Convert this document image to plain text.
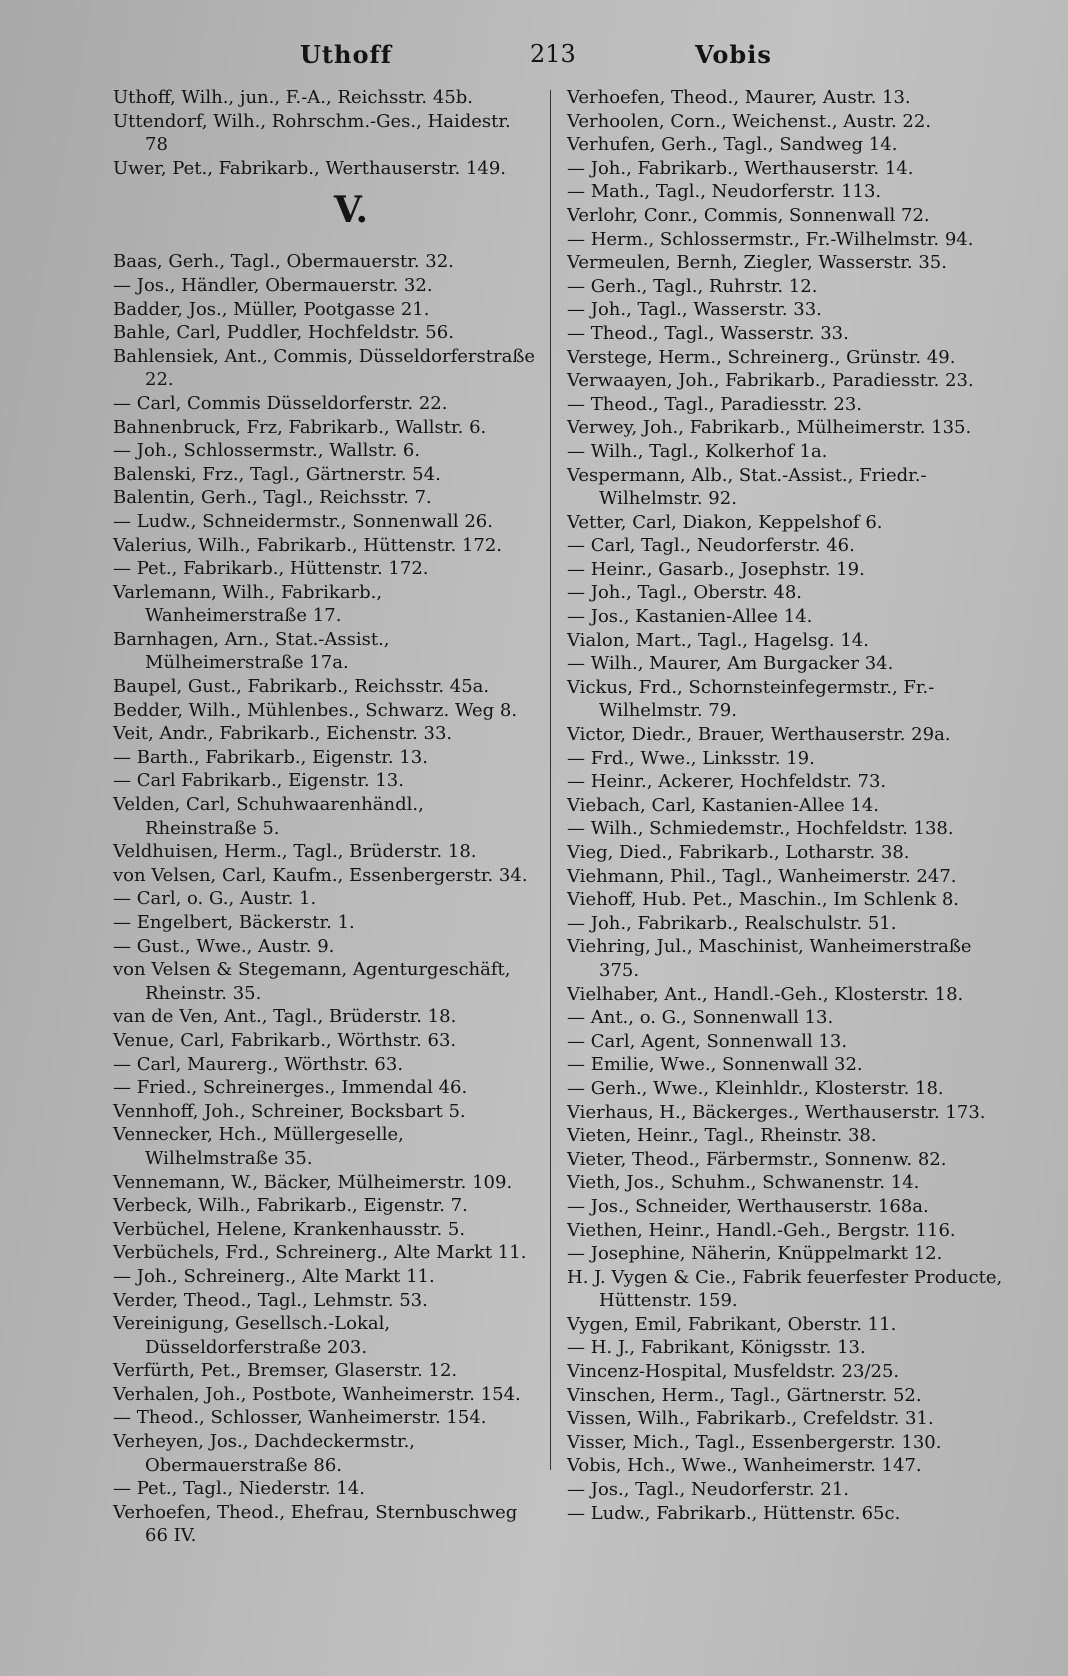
Uthoff	213	Vobis

Uthoff, Wilh., jun., F.-A., Reichsstr. 45b.

Uttendorf, Wilh., Rohrschm.-Ges., Haidestr. 78

Uwer, Pet., Fabrikarb., Werthauserstr. 149.

V.

Baas, Gerh., Tagl., Obermauerstr. 32.

— Jos., Händler, Obermauerstr. 32.

Badder, Jos., Müller, Pootgasse 21.

Bahle, Carl, Puddler, Hochfeldstr. 56.

Bahlensiek, Ant., Commis, Düsseldorferstraße 22.

— Carl, Commis Düsseldorferstr. 22.

Bahnenbruck, Frz, Fabrikarb., Wallstr. 6.

— Joh., Schlossermstr., Wallstr. 6.

Balenski, Frz., Tagl., Gärtnerstr. 54.

Balentin, Gerh., Tagl., Reichsstr. 7.

— Ludw., Schneidermstr., Sonnenwall 26.

Valerius, Wilh., Fabrikarb., Hüttenstr. 172.

— Pet., Fabrikarb., Hüttenstr. 172.

Varlemann, Wilh., Fabrikarb., Wanheimerstraße 17.

Barnhagen, Arn., Stat.-Assist., Mülheimerstraße 17a.

Baupel, Gust., Fabrikarb., Reichsstr. 45a.

Bedder, Wilh., Mühlenbes., Schwarz. Weg 8.

Veit, Andr., Fabrikarb., Eichenstr. 33.

— Barth., Fabrikarb., Eigenstr. 13.

— Carl Fabrikarb., Eigenstr. 13.

Velden, Carl, Schuhwaarenhändl., Rheinstraße 5.

Veldhuisen, Herm., Tagl., Brüderstr. 18.

von Velsen, Carl, Kaufm., Essenbergerstr. 34.

— Carl, o. G., Austr. 1.

— Engelbert, Bäckerstr. 1.

— Gust., Wwe., Austr. 9.

von Velsen & Stegemann, Agenturgeschäft, Rheinstr. 35.

van de Ven, Ant., Tagl., Brüderstr. 18.

Venue, Carl, Fabrikarb., Wörthstr. 63.

— Carl, Maurerg., Wörthstr. 63.

— Fried., Schreinerges., Immendal 46.

Vennhoff, Joh., Schreiner, Bocksbart 5.

Vennecker, Hch., Müllergeselle, Wilhelmstraße 35.

Vennemann, W., Bäcker, Mülheimerstr. 109.

Verbeck, Wilh., Fabrikarb., Eigenstr. 7.

Verbüchel, Helene, Krankenhausstr. 5.

Verbüchels, Frd., Schreinerg., Alte Markt 11.

— Joh., Schreinerg., Alte Markt 11.

Verder, Theod., Tagl., Lehmstr. 53.

Vereinigung, Gesellsch.-Lokal, Düsseldorferstraße 203.

Verfürth, Pet., Bremser, Glaserstr. 12.

Verhalen, Joh., Postbote, Wanheimerstr. 154.

— Theod., Schlosser, Wanheimerstr. 154.

Verheyen, Jos., Dachdeckermstr., Obermauerstraße 86.

— Pet., Tagl., Niederstr. 14.

Verhoefen, Theod., Ehefrau, Sternbuschweg 66 IV.

Verhoefen, Theod., Maurer, Austr. 13.

Verhoolen, Corn., Weichenst., Austr. 22.

Verhufen, Gerh., Tagl., Sandweg 14.

— Joh., Fabrikarb., Werthauserstr. 14.

— Math., Tagl., Neudorferstr. 113.

Verlohr, Conr., Commis, Sonnenwall 72.

— Herm., Schlossermstr., Fr.-Wilhelmstr. 94.

Vermeulen, Bernh, Ziegler, Wasserstr. 35.

— Gerh., Tagl., Ruhrstr. 12.

— Joh., Tagl., Wasserstr. 33.

— Theod., Tagl., Wasserstr. 33.

Verstege, Herm., Schreinerg., Grünstr. 49.

Verwaayen, Joh., Fabrikarb., Paradiesstr. 23.

— Theod., Tagl., Paradiesstr. 23.

Verwey, Joh., Fabrikarb., Mülheimerstr. 135.

— Wilh., Tagl., Kolkerhof 1a.

Vespermann, Alb., Stat.-Assist., Friedr.-Wilhelmstr. 92.

Vetter, Carl, Diakon, Keppelshof 6.

— Carl, Tagl., Neudorferstr. 46.

— Heinr., Gasarb., Josephstr. 19.

— Joh., Tagl., Oberstr. 48.

— Jos., Kastanien-Allee 14.

Vialon, Mart., Tagl., Hagelsg. 14.

— Wilh., Maurer, Am Burgacker 34.

Vickus, Frd., Schornsteinfegermstr., Fr.-Wilhelmstr. 79.

Victor, Diedr., Brauer, Werthauserstr. 29a.

— Frd., Wwe., Linksstr. 19.

— Heinr., Ackerer, Hochfeldstr. 73.

Viebach, Carl, Kastanien-Allee 14.

— Wilh., Schmiedemstr., Hochfeldstr. 138.

Vieg, Died., Fabrikarb., Lotharstr. 38.

Viehmann, Phil., Tagl., Wanheimerstr. 247.

Viehoff, Hub. Pet., Maschin., Im Schlenk 8.

— Joh., Fabrikarb., Realschulstr. 51.

Viehring, Jul., Maschinist, Wanheimerstraße 375.

Vielhaber, Ant., Handl.-Geh., Klosterstr. 18.

— Ant., o. G., Sonnenwall 13.

— Carl, Agent, Sonnenwall 13.

— Emilie, Wwe., Sonnenwall 32.

— Gerh., Wwe., Kleinhldr., Klosterstr. 18.

Vierhaus, H., Bäckerges., Werthauserstr. 173.

Vieten, Heinr., Tagl., Rheinstr. 38.

Vieter, Theod., Färbermstr., Sonnenw. 82.

Vieth, Jos., Schuhm., Schwanenstr. 14.

— Jos., Schneider, Werthauserstr. 168a.

Viethen, Heinr., Handl.-Geh., Bergstr. 116.

— Josephine, Näherin, Knüppelmarkt 12.

H. J. Vygen & Cie., Fabrik feuerfester Producte, Hüttenstr. 159.

Vygen, Emil, Fabrikant, Oberstr. 11.

— H. J., Fabrikant, Königsstr. 13.

Vincenz-Hospital, Musfeldstr. 23/25.

Vinschen, Herm., Tagl., Gärtnerstr. 52.

Vissen, Wilh., Fabrikarb., Crefeldstr. 31.

Visser, Mich., Tagl., Essenbergerstr. 130.

Vobis, Hch., Wwe., Wanheimerstr. 147.

— Jos., Tagl., Neudorferstr. 21.

— Ludw., Fabrikarb., Hüttenstr. 65c.
